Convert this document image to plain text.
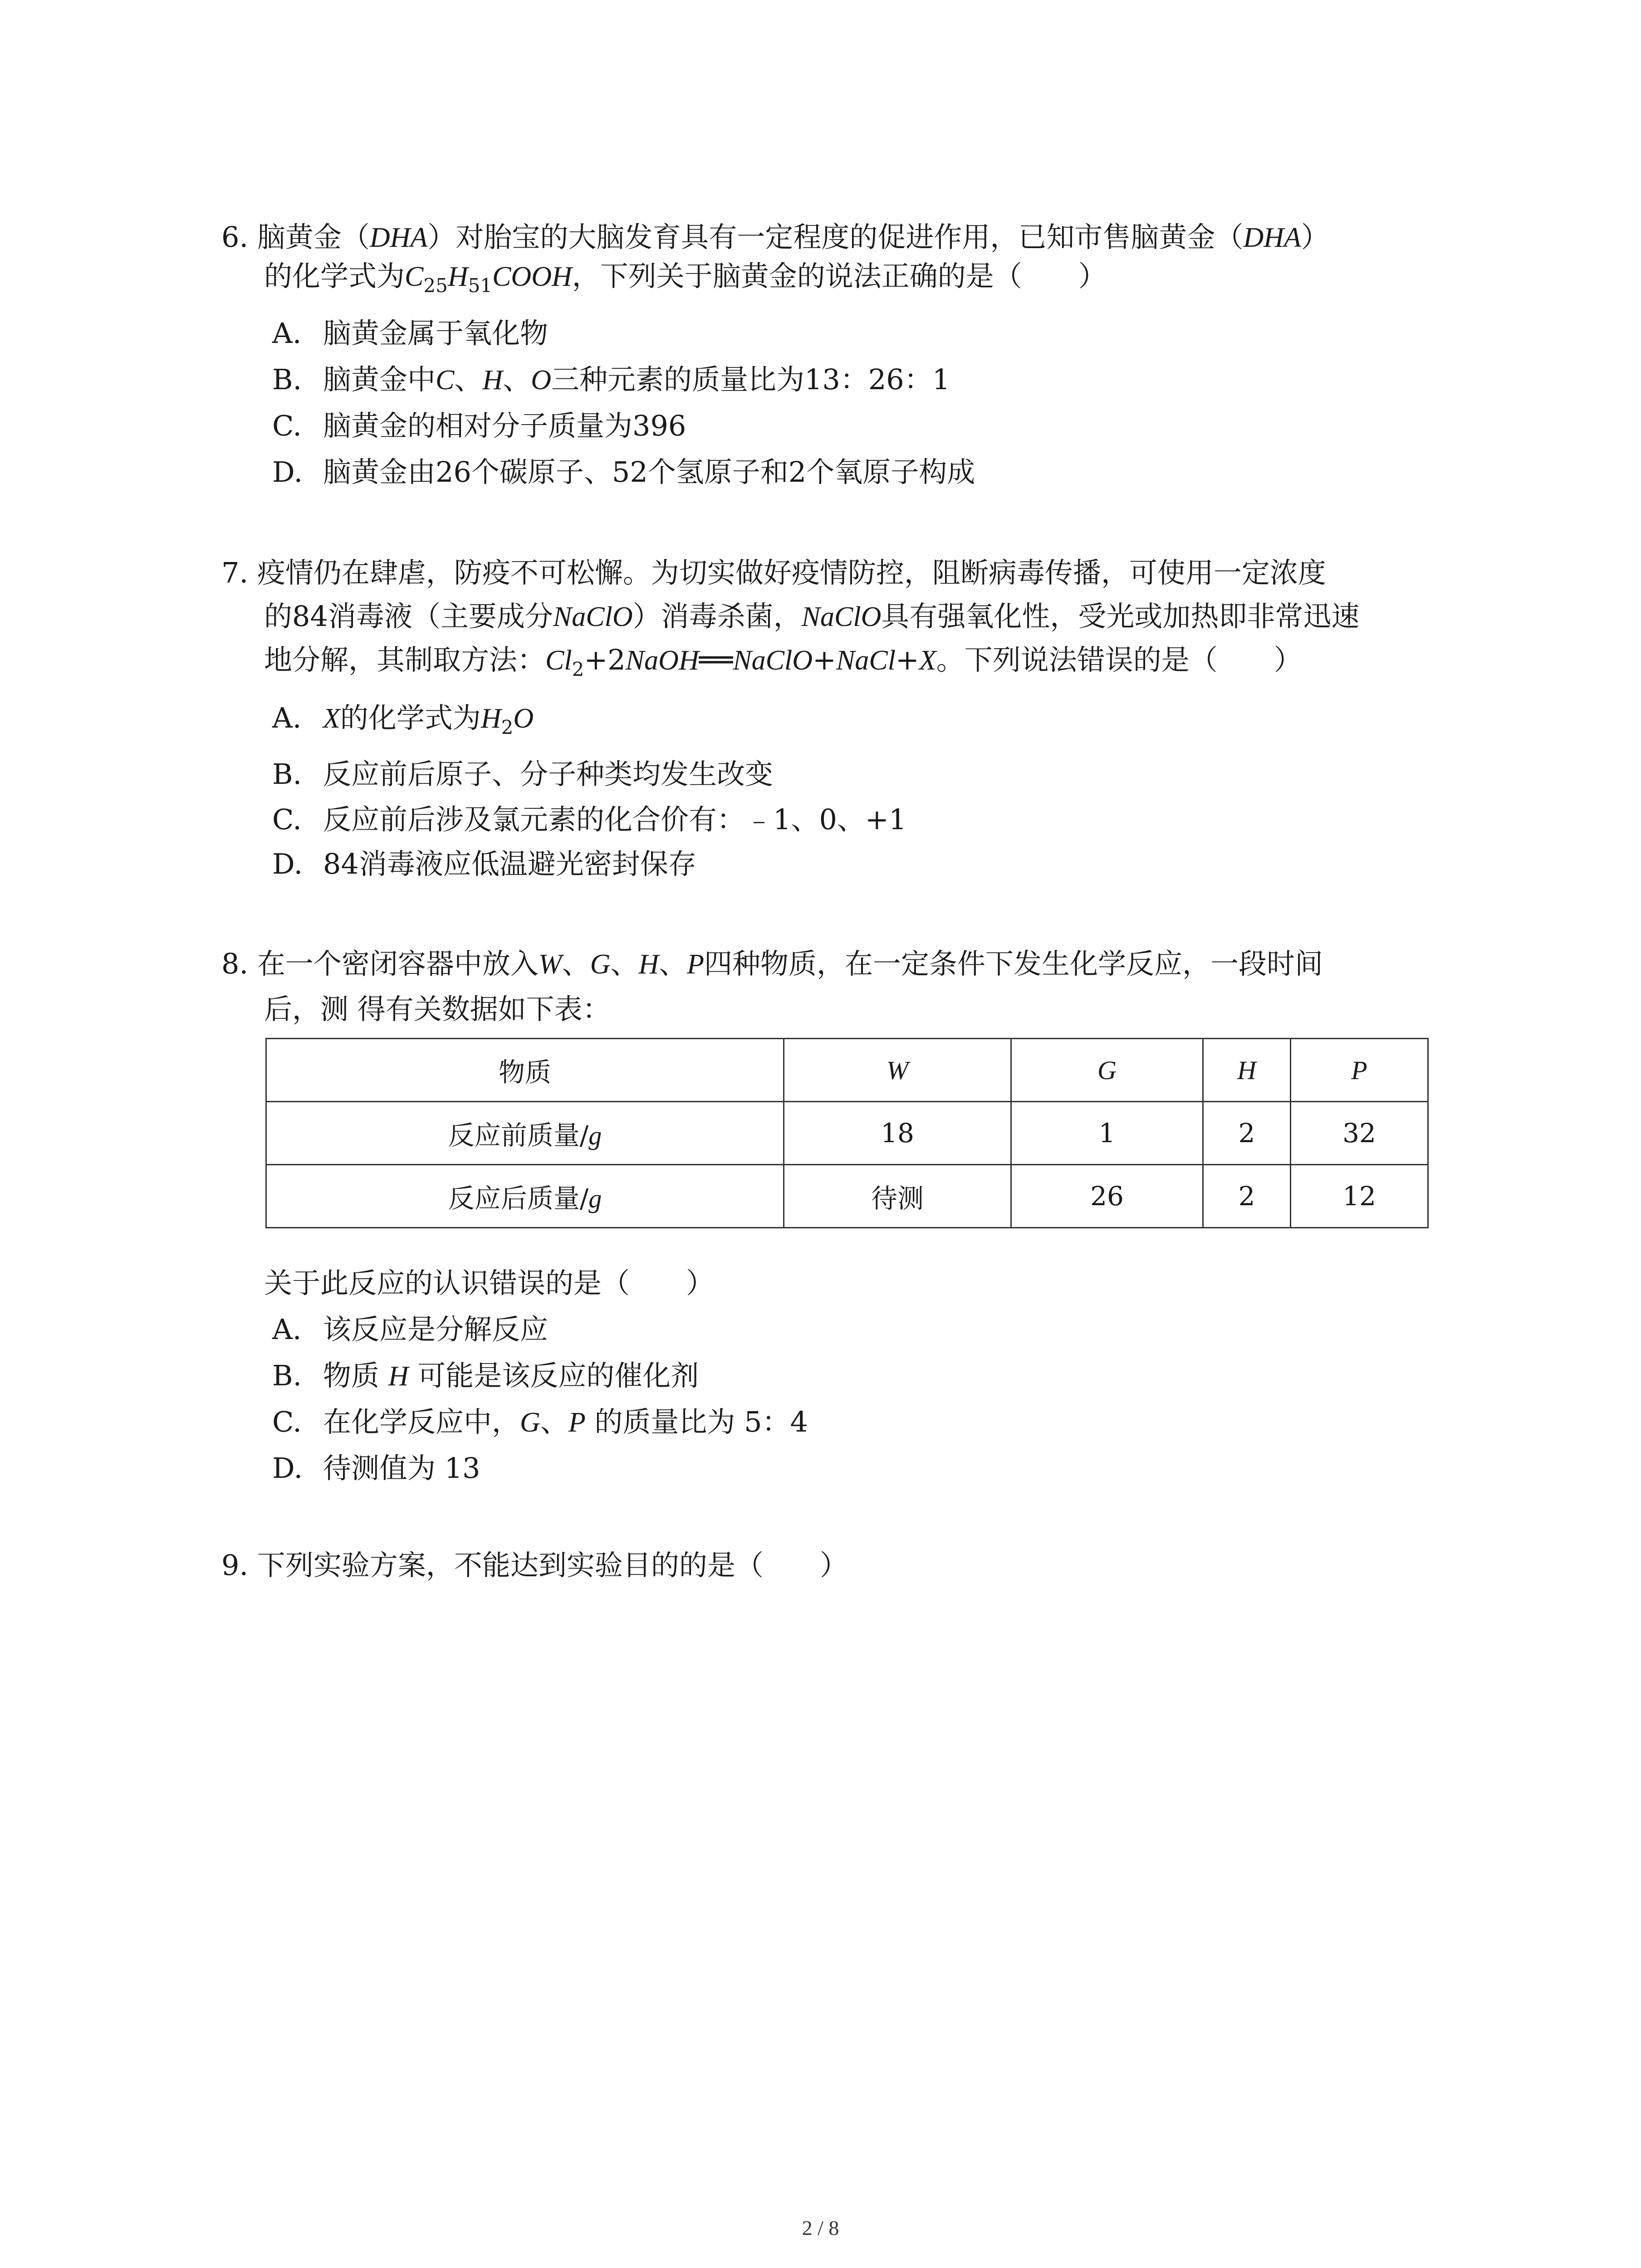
6. 脑黄金（DHA）对胎宝的大脑发育具有一定程度的促进作用，已知市售脑黄金（DHA）
的化学式为$C_{25}H_{51}COOH$，下列关于脑黄金的说法正确的是（　　）
A. 脑黄金属于氧化物
B. 脑黄金中C、H、O三种元素的质量比为13：26：1
C. 脑黄金的相对分子质量为396
D. 脑黄金由26个碳原子、52个氢原子和2个氧原子构成
7. 疫情仍在肆虐，防疫不可松懈。为切实做好疫情防控，阻断病毒传播，可使用一定浓度
的84消毒液（主要成分NaClO）消毒杀菌，NaClO具有强氧化性，受光或加热即非常迅速
地分解，其制取方法：$Cl_2+2NaOH══NaClO+NaCl+X$。下列说法错误的是（　　）
A. X的化学式为$H_2O$
B. 反应前后原子、分子种类均发生改变
C. 反应前后涉及氯元素的化合价有：﹣1、0、+1
D. 84消毒液应低温避光密封保存
8. 在一个密闭容器中放入W、G、H、P四种物质，在一定条件下发生化学反应，一段时间
后，测 得有关数据如下表：
物质	W	G	H	P
反应前质量/g	18	1	2	32
反应后质量/g	待测	26	2	12
关于此反应的认识错误的是（　　）
A. 该反应是分解反应
B. 物质 H 可能是该反应的催化剂
C. 在化学反应中，G、P 的质量比为 5：4
D. 待测值为 13
9. 下列实验方案，不能达到实验目的的是（　　）
2 / 8
